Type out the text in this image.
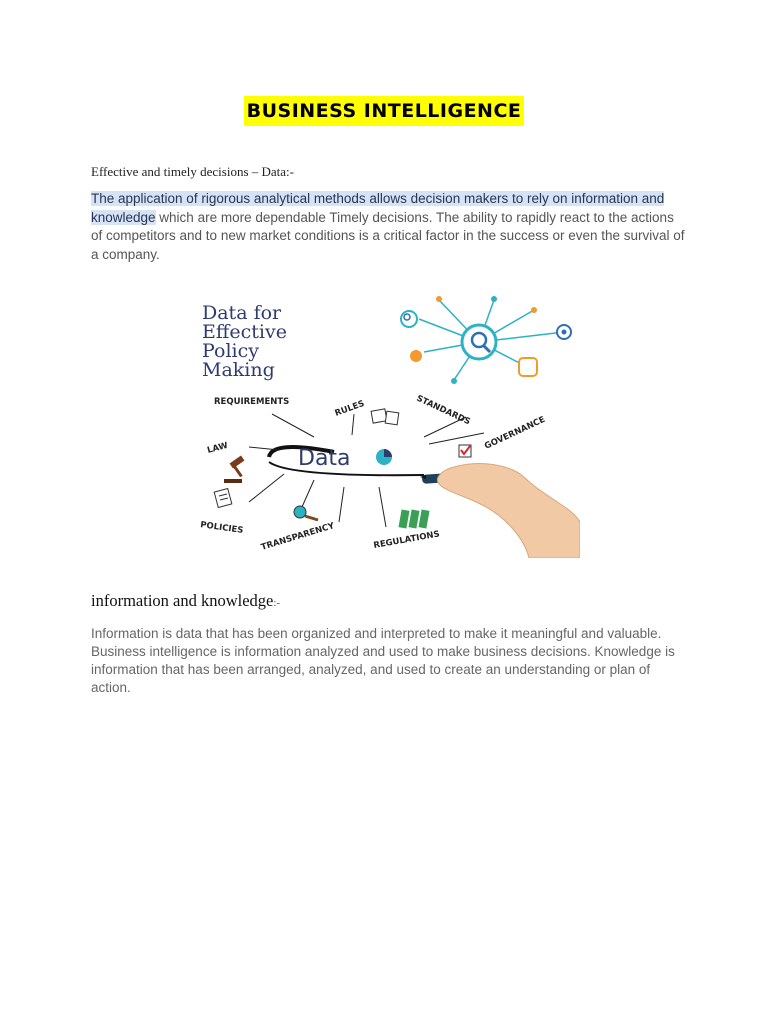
BUSINESS INTELLIGENCE
Effective and timely decisions – Data:-

The application of rigorous analytical methods allows decision makers to rely on information and knowledge which are more dependable Timely decisions. The ability to rapidly react to the actions of competitors and to new market conditions is a critical factor in the success or even the survival of a company.

Data for
Effective
Policy
Making
Data
REQUIREMENTS	RULES	STANDARDS
GOVERNANCE
LAW
POLICIES TRANSPARENCY	REGULATIONS
information and knowledge:-

Information is data that has been organized and interpreted to make it meaningful and valuable. Business intelligence is information analyzed and used to make business decisions. Knowledge is information that has been arranged, analyzed, and used to create an understanding or plan of action.
